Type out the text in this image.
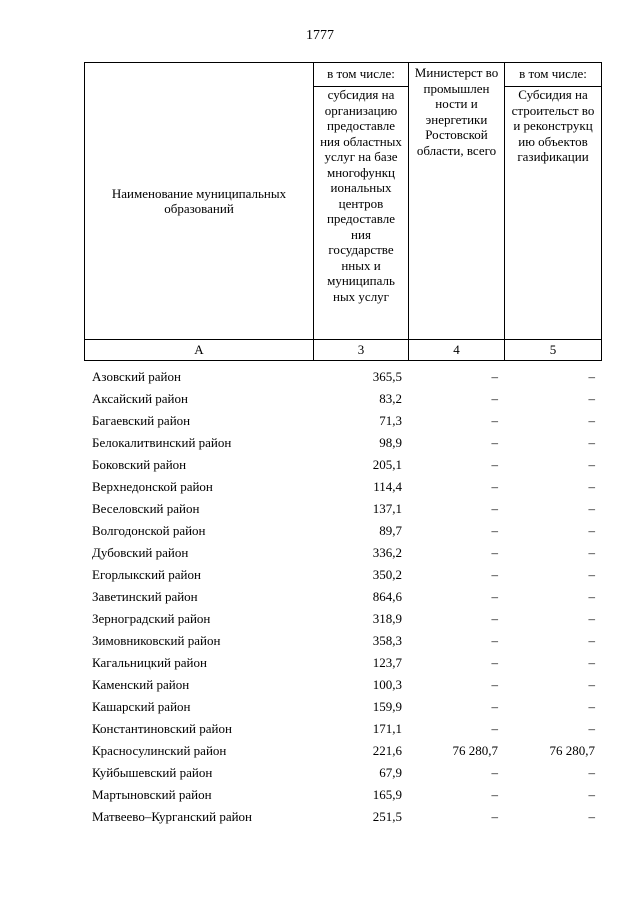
1777
Наименование муниципальных образований	в том числе:	Министерст во промышлен ности и энергетики Ростовской области, всего	в том числе:
	субсидия на организацию предоставле ния областных услуг на базе многофункц иональных центров предоставле ния государстве нных и муниципаль ных услуг		Субсидия на строительст во и реконструкц ию объектов газификации
А	3	4	5
Азовский район	365,5	–	–
Аксайский район	83,2	–	–
Багаевский район	71,3	–	–
Белокалитвинский район	98,9	–	–
Боковский район	205,1	–	–
Верхнедонской район	114,4	–	–
Веселовский район	137,1	–	–
Волгодонской район	89,7	–	–
Дубовский район	336,2	–	–
Егорлыкский район	350,2	–	–
Заветинский район	864,6	–	–
Зерноградский район	318,9	–	–
Зимовниковский район	358,3	–	–
Кагальницкий район	123,7	–	–
Каменский район	100,3	–	–
Кашарский район	159,9	–	–
Константиновский район	171,1	–	–
Красносулинский район	221,6	76 280,7	76 280,7
Куйбышевский район	67,9	–	–
Мартыновский район	165,9	–	–
Матвеево–Курганский район	251,5	–	–
